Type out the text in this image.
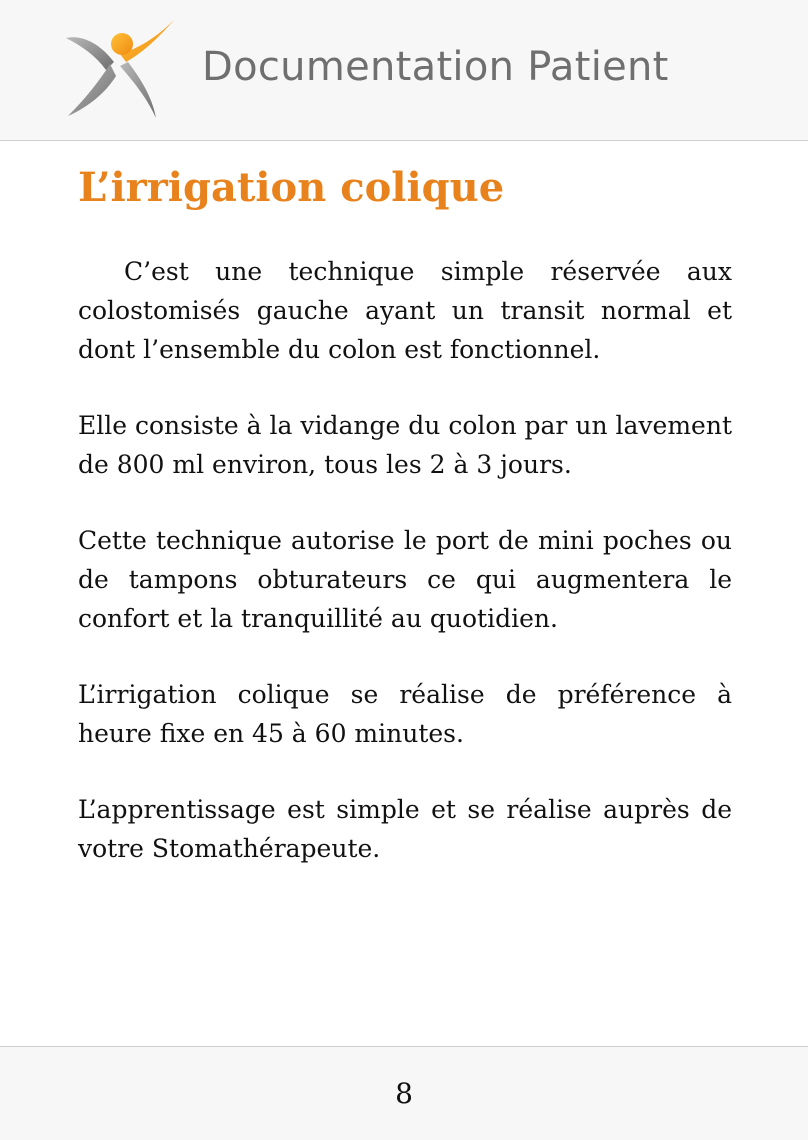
Documentation Patient
L’irrigation colique

C’est une technique simple réservée aux colostomisés gauche ayant un transit normal et dont l’ensemble du colon est fonctionnel.

Elle consiste à la vidange du colon par un lavement de 800 ml environ, tous les 2 à 3 jours.

Cette technique autorise le port de mini poches ou de tampons obturateurs ce qui augmentera le confort et la tranquillité au quotidien.

L’irrigation colique se réalise de préférence à heure fixe en 45 à 60 minutes.

L’apprentissage est simple et se réalise auprès de votre Stomathérapeute.

8
